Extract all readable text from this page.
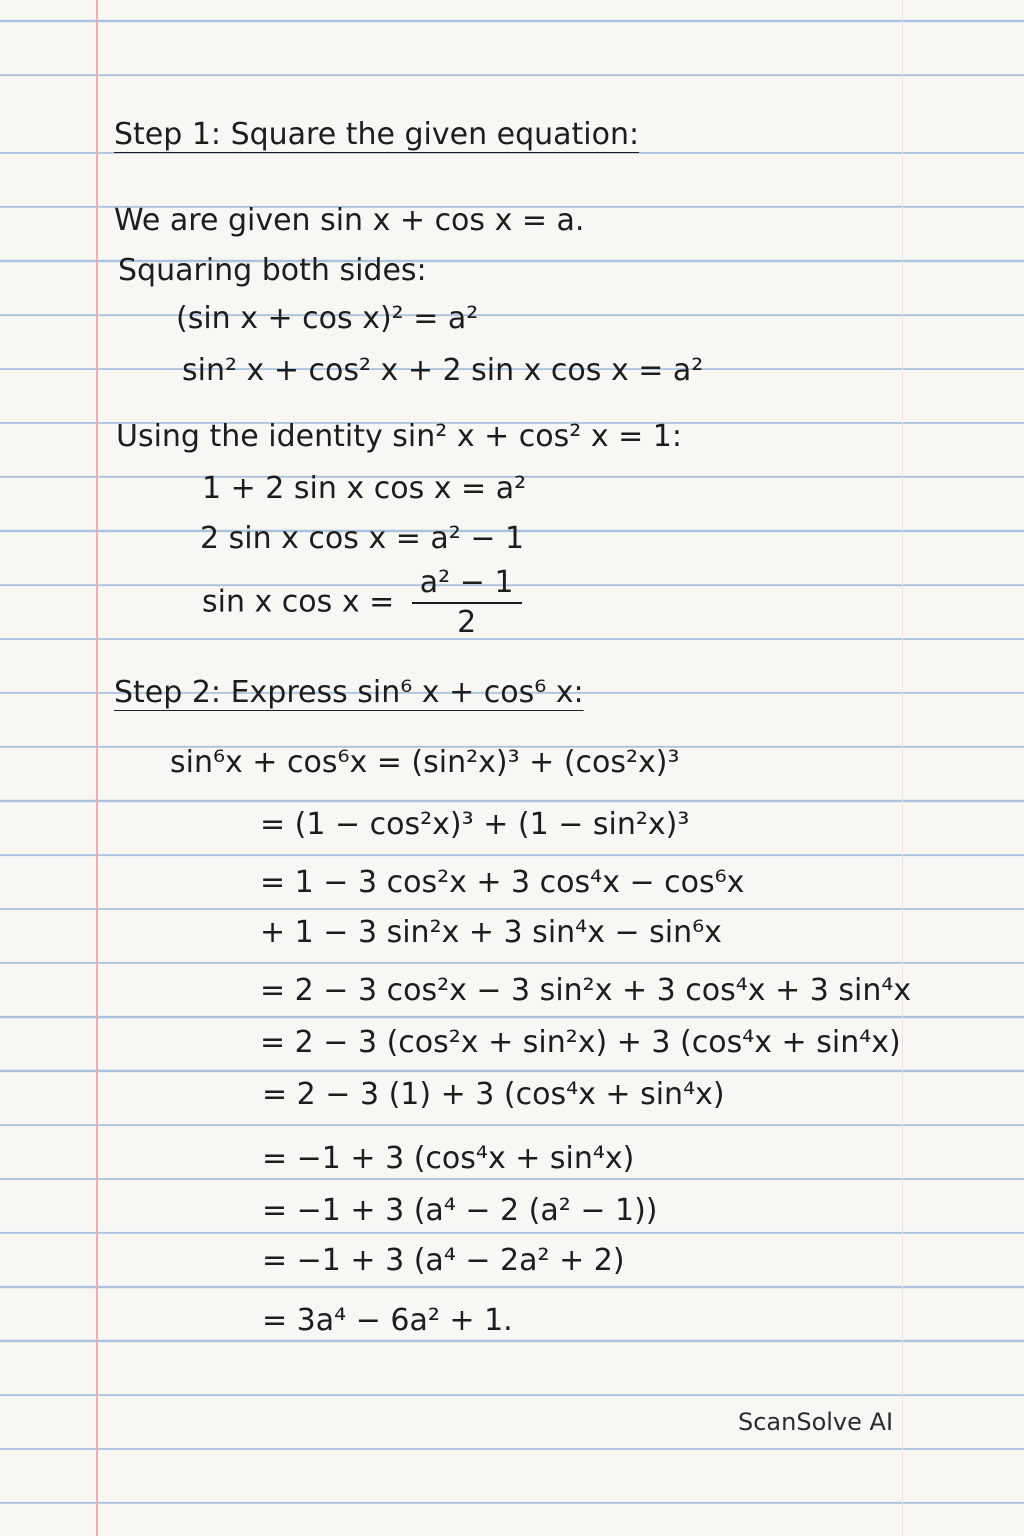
Step 1: Square the given equation:
We are given sin x + cos x = a.
Squaring both sides:
(sin x + cos x)² = a²
sin² x + cos² x + 2 sin x cos x = a²
Using the identity sin² x + cos² x = 1:
1 + 2 sin x cos x = a²
2 sin x cos x = a² − 1
sin x $\cos x = \frac{\text{a² − 1}}{2}$
Step 2: Express sin⁶ x + cos⁶ x:
sin⁶x + cos⁶x = (sin²x)³ + (cos²x)³
= (1 − cos²x)³ + (1 − sin²x)³
= 1 − 3 cos²x + 3 cos⁴x − cos⁶x
+ 1 − 3 sin²x + 3 sin⁴x − sin⁶x
= 2 − 3 cos²x − 3 sin²x + 3 cos⁴x + 3 sin⁴x
= 2 − 3 (cos²x + sin²x) + 3 (cos⁴x + sin⁴x)
= 2 − 3 (1) + 3 (cos⁴x + sin⁴x)
= −1 + 3 (cos⁴x + sin⁴x)
= −1 + 3 (a⁴ − 2 (a² − 1))
= −1 + 3 (a⁴ − 2a² + 2)
= 3a⁴ − 6a² + 1.
ScanSolve AI
